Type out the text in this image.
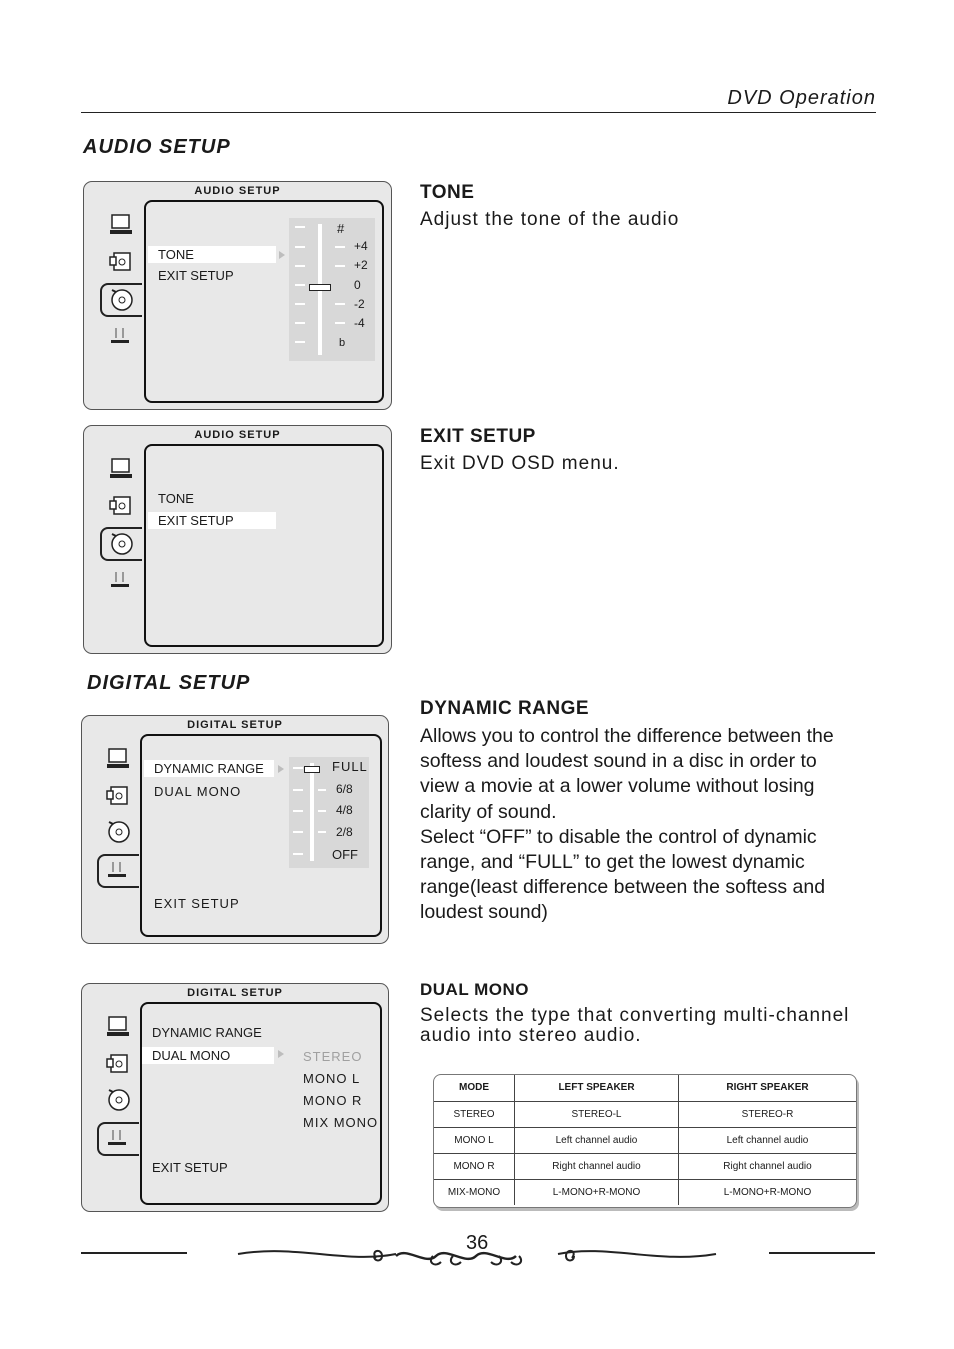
DVD Operation
AUDIO SETUP
DIGITAL SETUP
AUDIO SETUP
TONE
EXIT SETUP
#
+4
+2
0
-2
-4
b
AUDIO SETUP
TONE
EXIT SETUP
DIGITAL SETUP
DYNAMIC RANGE
DUAL MONO
EXIT SETUP
FULL
6/8
4/8
2/8
OFF
DIGITAL SETUP
DYNAMIC RANGE
DUAL MONO
EXIT SETUP
STEREO
MONO L
MONO R
MIX MONO
TONE
Adjust the tone of the audio
EXIT SETUP
Exit DVD OSD menu.
DYNAMIC RANGE
Allows you to control the difference between the
softess and loudest sound in a disc in order to
view a movie at a lower volume without losing
clarity of sound.
Select “OFF” to disable the control of dynamic
range, and “FULL” to get the lowest dynamic
range(least difference between the softess and
loudest sound)
DUAL MONO
Selects the type that converting multi-channel
audio into stereo audio.
MODE	LEFT SPEAKER	RIGHT SPEAKER
STEREO	STEREO-L	STEREO-R
MONO L	Left channel audio	Left channel audio
MONO R	Right channel audio	Right channel audio
MIX-MONO	L-MONO+R-MONO	L-MONO+R-MONO
36
